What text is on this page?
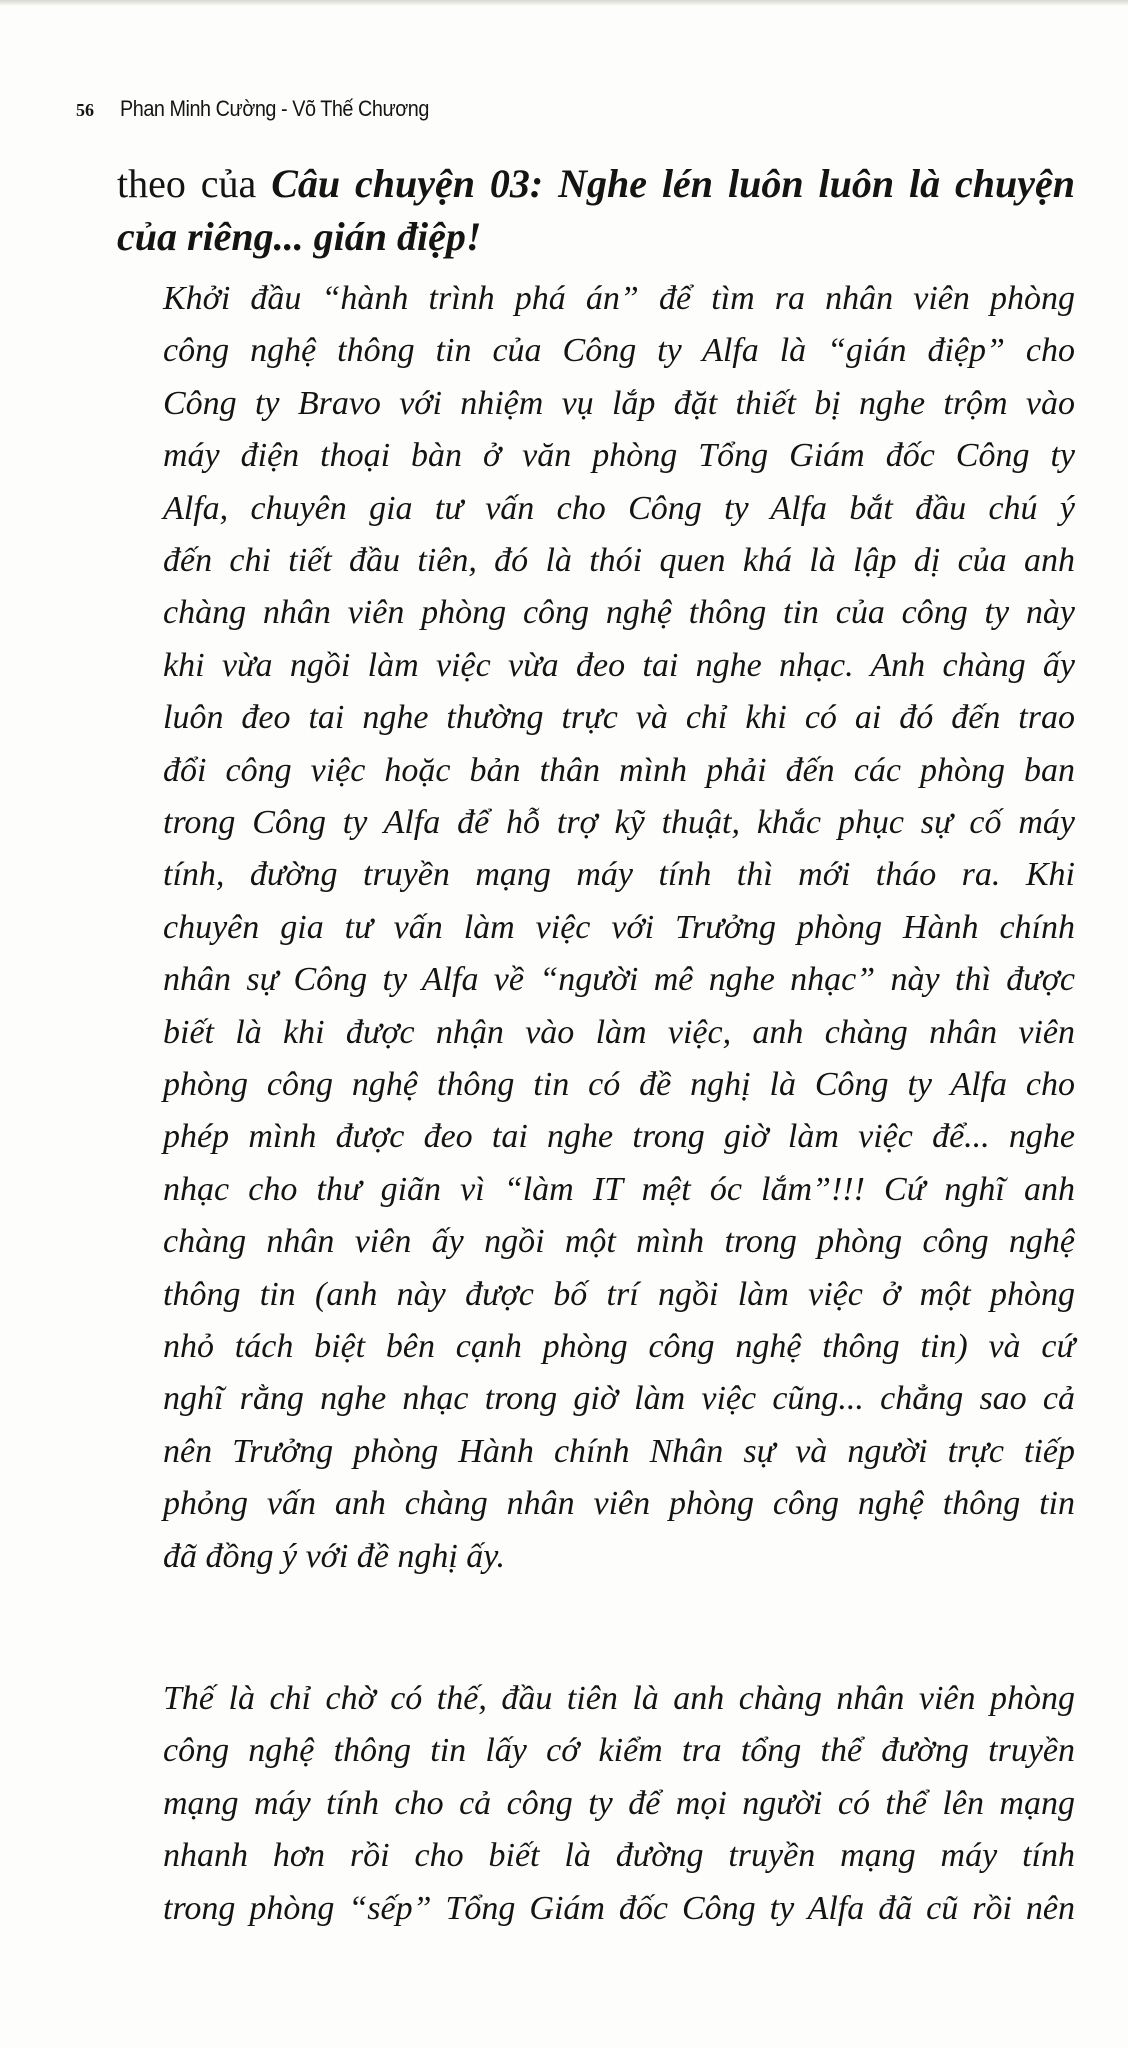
56 Phan Minh Cường - Võ Thế Chương
theo của Câu chuyện 03: Nghe lén luôn luôn là chuyện
của riêng... gián điệp!
Khởi đầu “hành trình phá án” để tìm ra nhân viên phòng
công nghệ thông tin của Công ty Alfa là “gián điệp” cho
Công ty Bravo với nhiệm vụ lắp đặt thiết bị nghe trộm vào
máy điện thoại bàn ở văn phòng Tổng Giám đốc Công ty
Alfa, chuyên gia tư vấn cho Công ty Alfa bắt đầu chú ý
đến chi tiết đầu tiên, đó là thói quen khá là lập dị của anh
chàng nhân viên phòng công nghệ thông tin của công ty này
khi vừa ngồi làm việc vừa đeo tai nghe nhạc. Anh chàng ấy
luôn đeo tai nghe thường trực và chỉ khi có ai đó đến trao
đổi công việc hoặc bản thân mình phải đến các phòng ban
trong Công ty Alfa để hỗ trợ kỹ thuật, khắc phục sự cố máy
tính, đường truyền mạng máy tính thì mới tháo ra. Khi
chuyên gia tư vấn làm việc với Trưởng phòng Hành chính
nhân sự Công ty Alfa về “người mê nghe nhạc” này thì được
biết là khi được nhận vào làm việc, anh chàng nhân viên
phòng công nghệ thông tin có đề nghị là Công ty Alfa cho
phép mình được đeo tai nghe trong giờ làm việc để... nghe
nhạc cho thư giãn vì “làm IT mệt óc lắm”!!! Cứ nghĩ anh
chàng nhân viên ấy ngồi một mình trong phòng công nghệ
thông tin (anh này được bố trí ngồi làm việc ở một phòng
nhỏ tách biệt bên cạnh phòng công nghệ thông tin) và cứ
nghĩ rằng nghe nhạc trong giờ làm việc cũng... chẳng sao cả
nên Trưởng phòng Hành chính Nhân sự và người trực tiếp
phỏng vấn anh chàng nhân viên phòng công nghệ thông tin
đã đồng ý với đề nghị ấy.
Thế là chỉ chờ có thế, đầu tiên là anh chàng nhân viên phòng
công nghệ thông tin lấy cớ kiểm tra tổng thể đường truyền
mạng máy tính cho cả công ty để mọi người có thể lên mạng
nhanh hơn rồi cho biết là đường truyền mạng máy tính
trong phòng “sếp” Tổng Giám đốc Công ty Alfa đã cũ rồi nên
